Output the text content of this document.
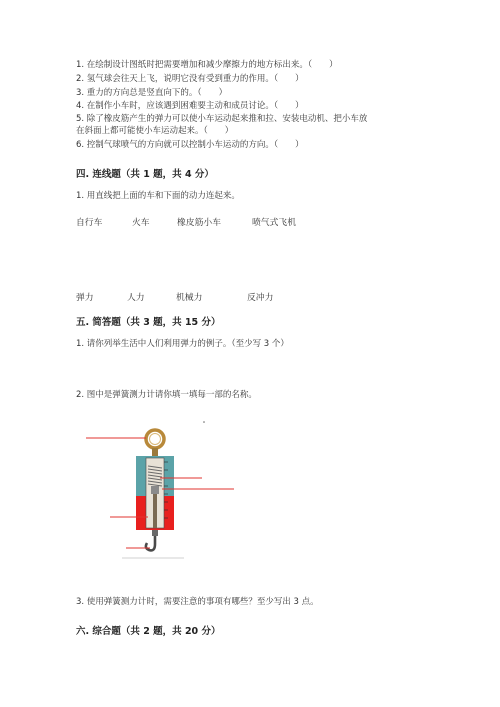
1. 在绘制设计图纸时把需要增加和减少摩擦力的地方标出来。（　　）
2. 氢气球会往天上飞，说明它没有受到重力的作用。（　　）
3. 重力的方向总是竖直向下的。（　　）
4. 在制作小车时，应该遇到困难要主动和成员讨论。（　　）
5. 除了橡皮筋产生的弹力可以使小车运动起来推和拉、安装电动机、把小车放
在斜面上都可能使小车运动起来。（　　）
6. 控制气球喷气的方向就可以控制小车运动的方向。（　　）
四. 连线题（共 1 题，共 4 分）
1. 用直线把上面的车和下面的动力连起来。
自行车	火车	橡皮筋小车	喷气式飞机
弹力	人力	机械力	反冲力
五. 简答题（共 3 题，共 15 分）
1. 请你列举生活中人们利用弹力的例子。（至少写 3 个）
2. 图中是弹簧测力计请你填一填每一部的名称。
3. 使用弹簧测力计时，需要注意的事项有哪些？至少写出 3 点。
六. 综合题（共 2 题，共 20 分）
